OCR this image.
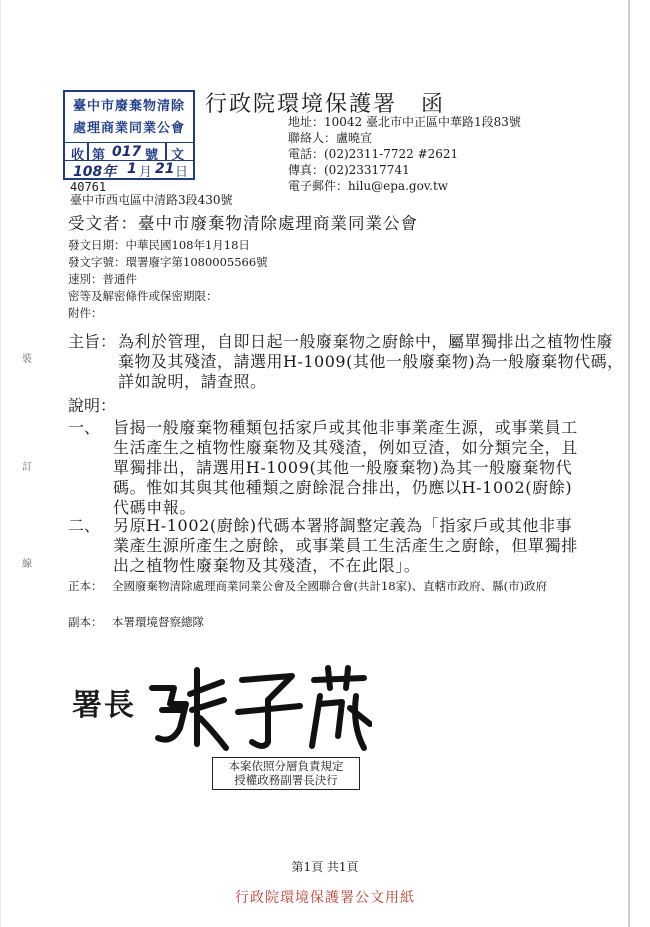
臺中市廢棄物清除
處理商業同業公會
收 第 017 號 文
108年 1 月 21 日
行政院環境保護署　函
地址：10042 臺北市中正區中華路1段83號
聯絡人：盧曉宣
電話：(02)2311-7722 #2621
傳真：(02)23317741
電子郵件：hilu@epa.gov.tw
40761
臺中市西屯區中清路3段430號
受文者：臺中市廢棄物清除處理商業同業公會
發文日期：中華民國108年1月18日
發文字號：環署廢字第1080005566號
速別：普通件
密等及解密條件或保密期限：
附件：
主旨： 為利於管理，自即日起一般廢棄物之廚餘中，屬單獨排出之植物性廢棄物及其殘渣，請選用H-1009(其他一般廢棄物)為一般廢棄物代碼，詳如說明，請查照。
說明：
一、 旨揭一般廢棄物種類包括家戶或其他非事業產生源，或事業員工生活產生之植物性廢棄物及其殘渣，例如豆渣，如分類完全，且單獨排出，請選用H-1009(其他一般廢棄物)為其一般廢棄物代碼。惟如其與其他種類之廚餘混合排出，仍應以H-1002(廚餘)代碼申報。
二、 另原H-1002(廚餘)代碼本署將調整定義為「指家戶或其他非事業產生源所產生之廚餘，或事業員工生活產生之廚餘，但單獨排出之植物性廢棄物及其殘渣，不在此限」。
正本： 全國廢棄物清除處理商業同業公會及全國聯合會(共計18家)、直轄市政府、縣(市)政府
副本： 本署環境督察總隊
裝
訂
線
署長
本案依照分層負責規定
授權政務副署長決行
第1頁 共1頁
行政院環境保護署公文用紙
